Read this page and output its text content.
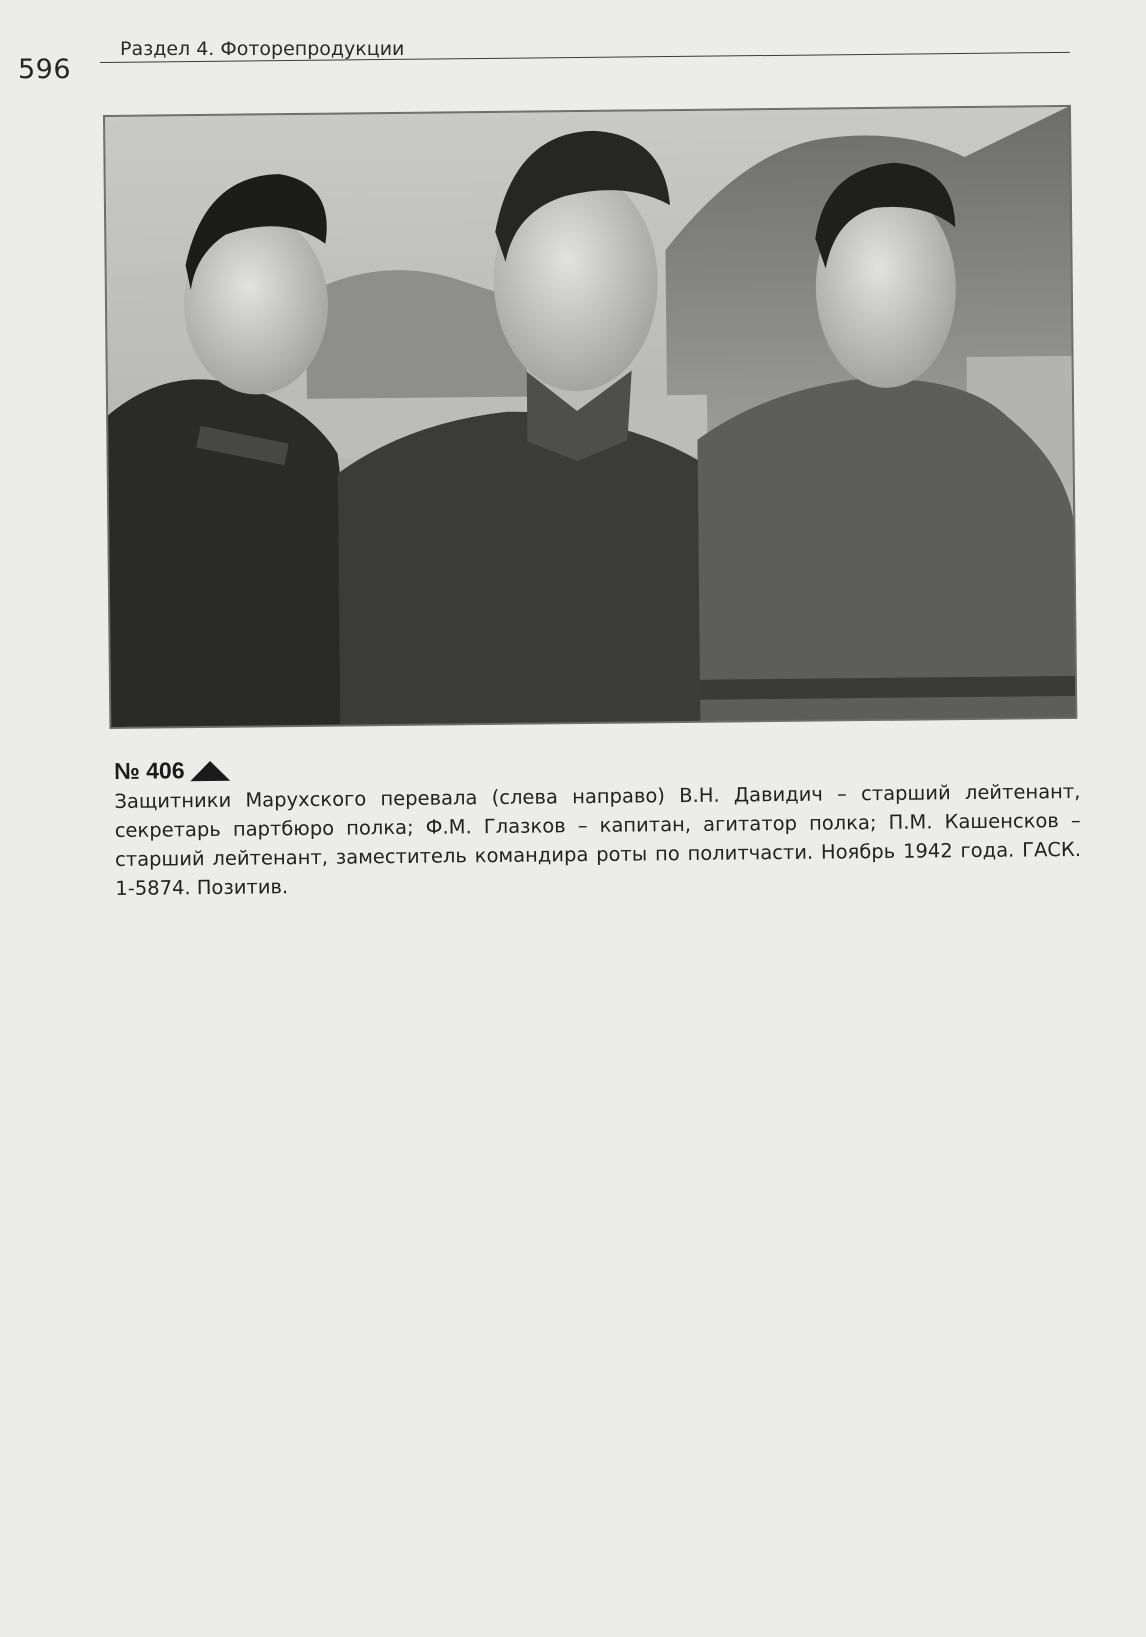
596
Раздел 4. Фоторепродукции
№ 406
Защитники Марухского перевала (слева направо) В.Н. Давидич – старший лейтенант, секретарь партбюро полка; Ф.М. Глазков – капитан, агитатор полка; П.М. Кашенсков – старший лейтенант, заместитель командира роты по политчасти. Ноябрь 1942 года. ГАСК. 1-5874. Позитив.
